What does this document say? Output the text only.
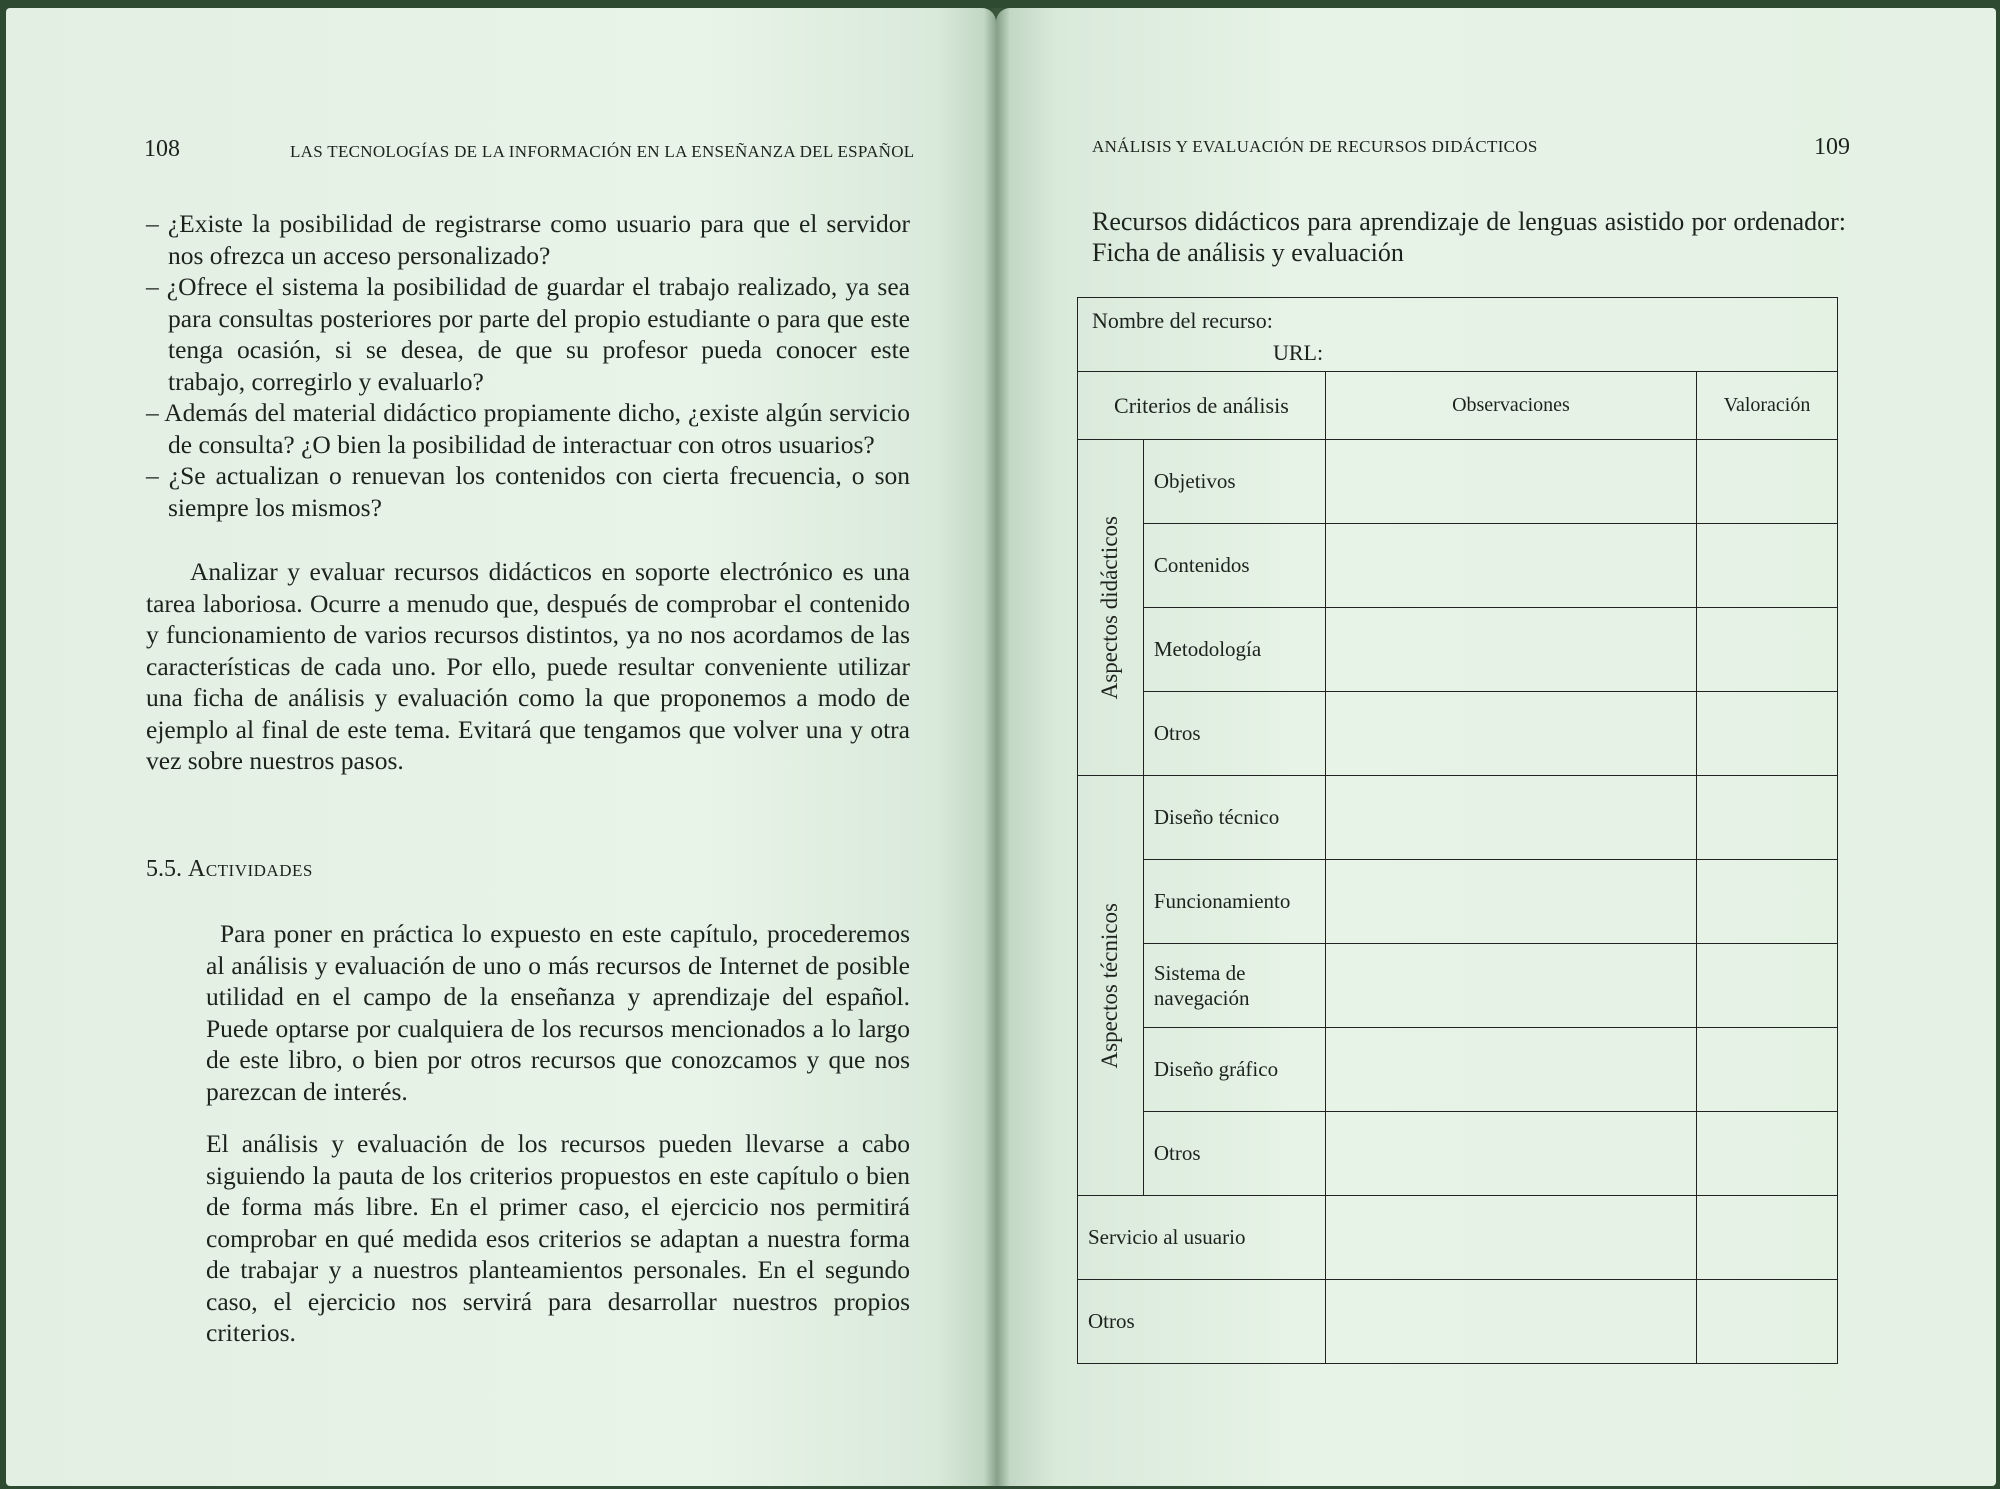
108	LAS TECNOLOGÍAS DE LA INFORMACIÓN EN LA ENSEÑANZA DEL ESPAÑOL

– ¿Existe la posibilidad de registrarse como usuario para que el servidor nos ofrezca un acceso personalizado?

– ¿Ofrece el sistema la posibilidad de guardar el trabajo realizado, ya sea para consultas posteriores por parte del propio estudiante o para que este tenga ocasión, si se desea, de que su profesor pueda conocer este trabajo, corregirlo y evaluarlo?

– Además del material didáctico propiamente dicho, ¿existe algún servicio de consulta? ¿O bien la posibilidad de interactuar con otros usuarios?

– ¿Se actualizan o renuevan los contenidos con cierta frecuencia, o son siempre los mismos?

Analizar y evaluar recursos didácticos en soporte electrónico es una tarea laboriosa. Ocurre a menudo que, después de comprobar el contenido y funcionamiento de varios recursos distintos, ya no nos acordamos de las características de cada uno. Por ello, puede resultar conveniente utilizar una ficha de análisis y evaluación como la que proponemos a modo de ejemplo al final de este tema. Evitará que tengamos que volver una y otra vez sobre nuestros pasos.
5.5. Actividades
Para poner en práctica lo expuesto en este capítulo, procederemos al análisis y evaluación de uno o más recursos de Internet de posible utilidad en el campo de la enseñanza y aprendizaje del español. Puede optarse por cualquiera de los recursos mencionados a lo largo de este libro, o bien por otros recursos que conozcamos y que nos parezcan de interés.
El análisis y evaluación de los recursos pueden llevarse a cabo siguiendo la pauta de los criterios propuestos en este capítulo o bien de forma más libre. En el primer caso, el ejercicio nos permitirá comprobar en qué medida esos criterios se adaptan a nuestra forma de trabajar y a nuestros planteamientos personales. En el segundo caso, el ejercicio nos servirá para desarrollar nuestros propios criterios.
ANÁLISIS Y EVALUACIÓN DE RECURSOS DIDÁCTICOS	109
Recursos didácticos para aprendizaje de lenguas asistido por ordenador: Ficha de análisis y evaluación
Nombre del recurso:
URL:			

Criterios de análisis		Observaciones	Valoración

Aspectos didácticos	Objetivos		
	Contenidos		
	Metodología		
	Otros		

Aspectos técnicos	Diseño técnico		
	Funcionamiento		

	Sistema de navegación		

	Diseño gráfico		
	Otros		
Servicio al usuario			
Otros			
